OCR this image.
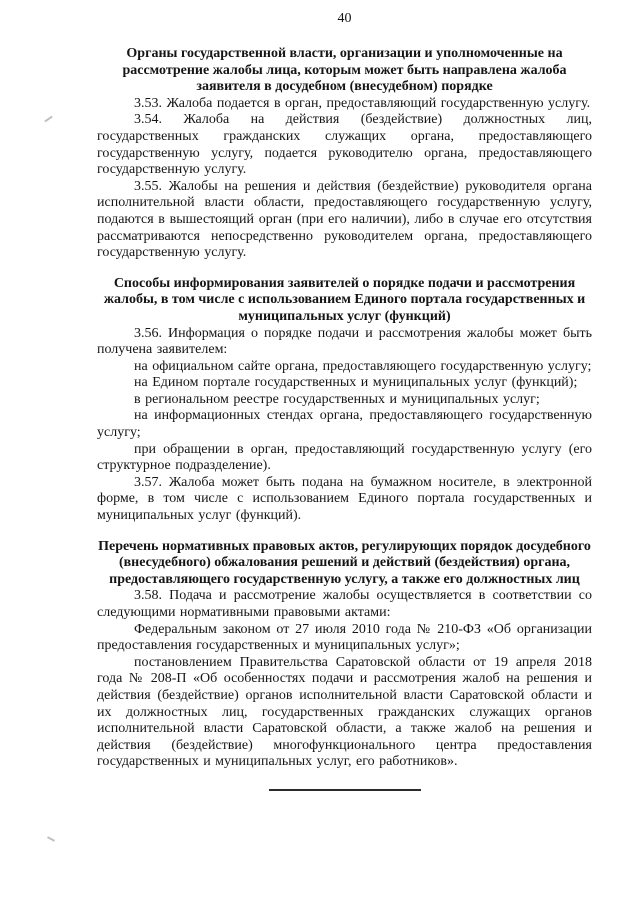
40
Органы государственной власти, организации и уполномоченные на рассмотрение жалобы лица, которым может быть направлена жалоба заявителя в досудебном (внесудебном) порядке

3.53. Жалоба подается в орган, предоставляющий государственную услугу.

3.54. Жалоба на действия (бездействие) должностных лиц, государственных гражданских служащих органа, предоставляющего государственную услугу, подается руководителю органа, предоставляющего государственную услугу.

3.55. Жалобы на решения и действия (бездействие) руководителя органа исполнительной власти области, предоставляющего государственную услугу, подаются в вышестоящий орган (при его наличии), либо в случае его отсутствия рассматриваются непосредственно руководителем органа, предоставляющего государственную услугу.

Способы информирования заявителей о порядке подачи и рассмотрения жалобы, в том числе с использованием Единого портала государственных и муниципальных услуг (функций)

3.56. Информация о порядке подачи и рассмотрения жалобы может быть получена заявителем:

на официальном сайте органа, предоставляющего государственную услугу;

на Едином портале государственных и муниципальных услуг (функций);

в региональном реестре государственных и муниципальных услуг;

на информационных стендах органа, предоставляющего государственную услугу;

при обращении в орган, предоставляющий государственную услугу (его структурное подразделение).

3.57. Жалоба может быть подана на бумажном носителе, в электронной форме, в том числе с использованием Единого портала государственных и муниципальных услуг (функций).

Перечень нормативных правовых актов, регулирующих порядок досудебного (внесудебного) обжалования решений и действий (бездействия) органа, предоставляющего государственную услугу, а также его должностных лиц

3.58. Подача и рассмотрение жалобы осуществляется в соответствии со следующими нормативными правовыми актами:

Федеральным законом от 27 июля 2010 года № 210-ФЗ «Об организации предоставления государственных и муниципальных услуг»;

постановлением Правительства Саратовской области от 19 апреля 2018 года № 208-П «Об особенностях подачи и рассмотрения жалоб на решения и действия (бездействие) органов исполнительной власти Саратовской области и их должностных лиц, государственных гражданских служащих органов исполнительной власти Саратовской области, а также жалоб на решения и действия (бездействие) многофункционального центра предоставления государственных и муниципальных услуг, его работников».
